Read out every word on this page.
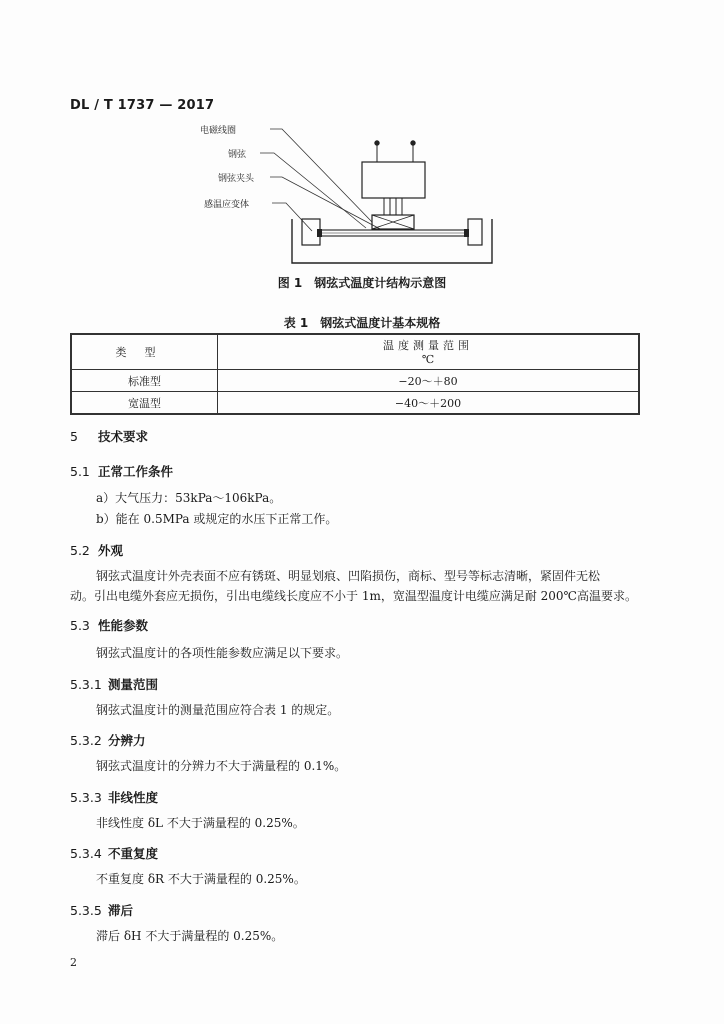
DL / T 1737 — 2017
电磁线圈
钢弦
钢弦夹头
感温应变体
图 1　钢弦式温度计结构示意图
表 1　钢弦式温度计基本规格
类型	温度测量范围
℃

标准型	−20～＋80
宽温型	−40～＋200
5 技术要求
5.1 正常工作条件
a）大气压力：53kPa～106kPa。
b）能在 0.5MPa 或规定的水压下正常工作。
5.2 外观
钢弦式温度计外壳表面不应有锈斑、明显划痕、凹陷损伤，商标、型号等标志清晰，紧固件无松
动。引出电缆外套应无损伤，引出电缆线长度应不小于 1m，宽温型温度计电缆应满足耐 200℃高温要求。
5.3 性能参数
钢弦式温度计的各项性能参数应满足以下要求。
5.3.1 测量范围
钢弦式温度计的测量范围应符合表 1 的规定。
5.3.2 分辨力
钢弦式温度计的分辨力不大于满量程的 0.1%。
5.3.3 非线性度
非线性度 δL 不大于满量程的 0.25%。
5.3.4 不重复度
不重复度 δR 不大于满量程的 0.25%。
5.3.5 滞后
滞后 δH 不大于满量程的 0.25%。
2
